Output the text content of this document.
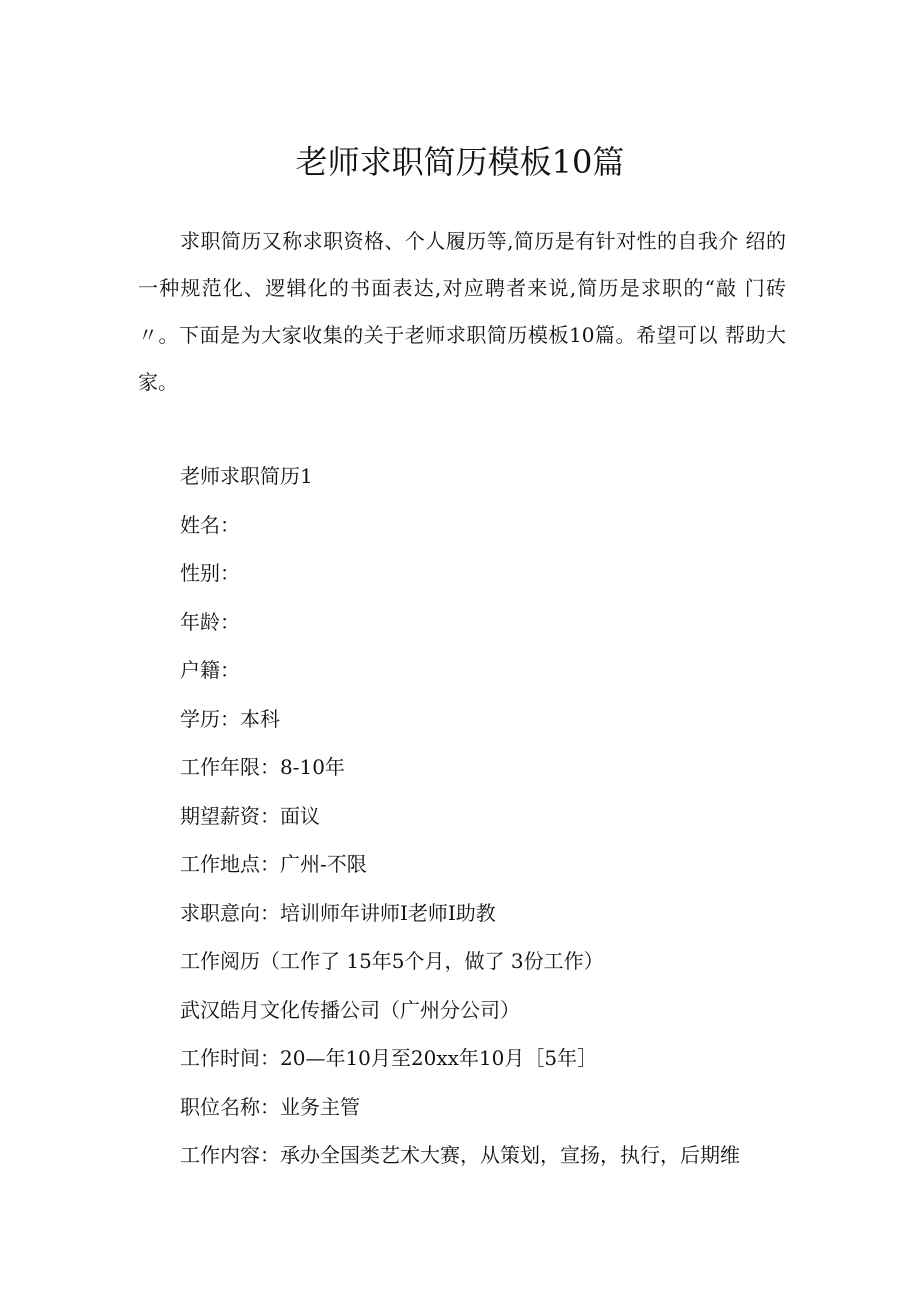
老师求职简历模板10篇

求职简历又称求职资格、个人履历等,简历是有针对性的自我介 绍的一种规范化、逻辑化的书面表达,对应聘者来说,简历是求职的“敲 门砖〃。下面是为大家收集的关于老师求职简历模板10篇。希望可以 帮助大家。

老师求职简历1
姓名：
性别：
年龄：
户籍：
学历：本科
工作年限：8-10年
期望薪资：面议
工作地点：广州-不限
求职意向：培训师年讲师I老师I助教
工作阅历（工作了 15年5个月，做了 3份工作）
武汉皓月文化传播公司（广州分公司）
工作时间：20—年10月至20xx年10月［5年］
职位名称：业务主管
工作内容：承办全国类艺术大赛，从策划，宣扬，执行，后期维
